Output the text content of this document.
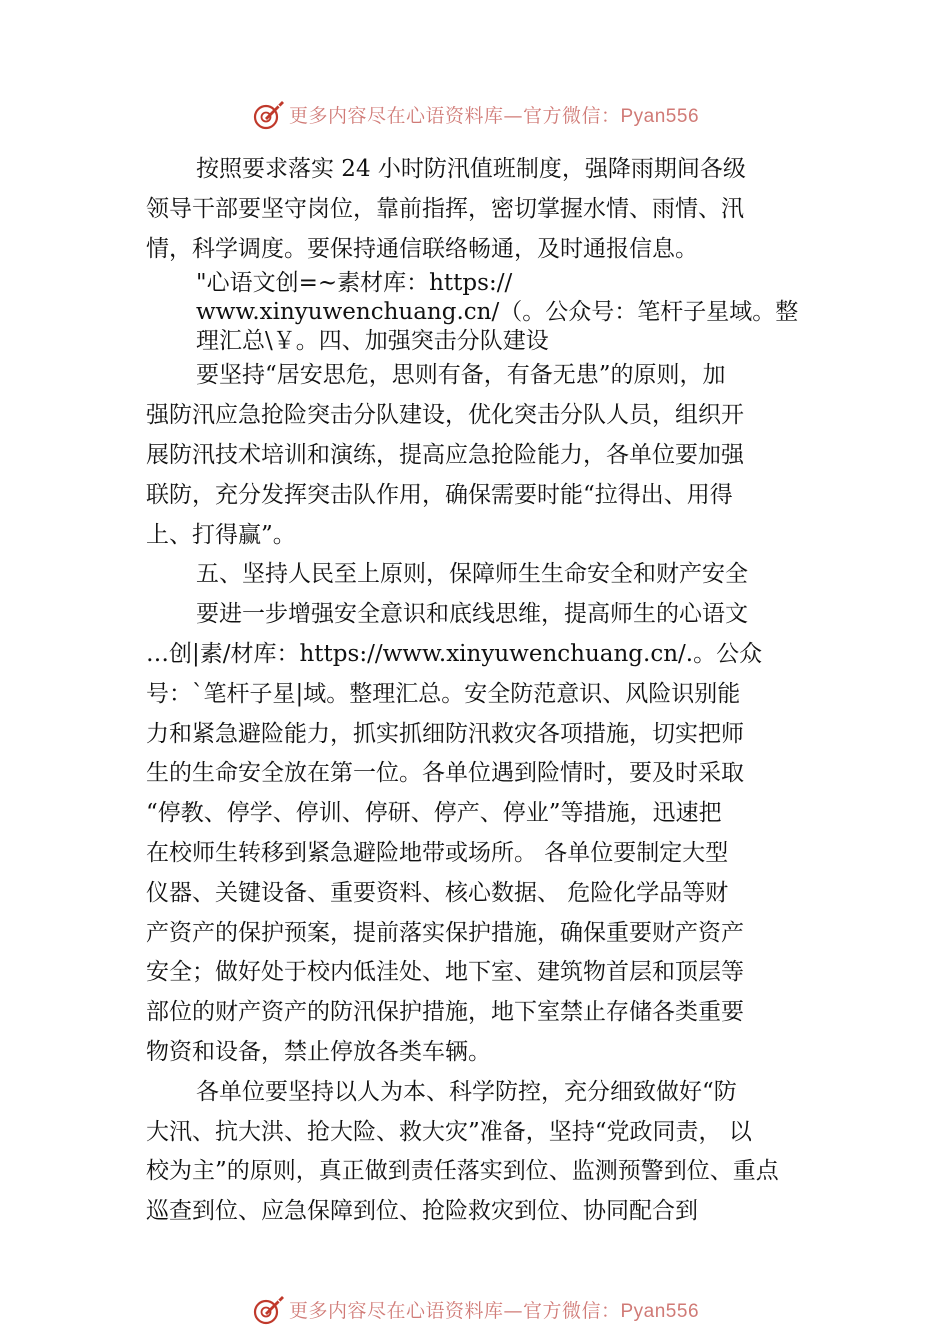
更多内容尽在心语资料库—官方微信：Pyan556

按照要求落实 24 小时防汛值班制度，强降雨期间各级

领导干部要坚守岗位，靠前指挥，密切掌握水情、雨情、汛

情，科学调度。要保持通信联络畅通，及时通报信息。

"心语文创=~素材库：https://

www.xinyuwenchuang.cn/（。公众号：笔杆子星域。整

理汇总\￥。四、加强突击分队建设

要坚持“居安思危，思则有备，有备无患”的原则，加

强防汛应急抢险突击分队建设，优化突击分队人员，组织开

展防汛技术培训和演练，提高应急抢险能力，各单位要加强

联防，充分发挥突击队作用，确保需要时能“拉得出、用得

上、打得赢”。

五、坚持人民至上原则，保障师生生命安全和财产安全

要进一步增强安全意识和底线思维，提高师生的心语文

…创|素/材库：https://www.xinyuwenchuang.cn/.。公众

号：`笔杆子星|域。整理汇总。安全防范意识、风险识别能

力和紧急避险能力，抓实抓细防汛救灾各项措施，切实把师

生的生命安全放在第一位。各单位遇到险情时，要及时采取

“停教、停学、停训、停研、停产、停业”等措施，迅速把

在校师生转移到紧急避险地带或场所。 各单位要制定大型

仪器、关键设备、重要资料、核心数据、 危险化学品等财

产资产的保护预案，提前落实保护措施，确保重要财产资产

安全；做好处于校内低洼处、地下室、建筑物首层和顶层等

部位的财产资产的防汛保护措施，地下室禁止存储各类重要

物资和设备，禁止停放各类车辆。

各单位要坚持以人为本、科学防控，充分细致做好“防

大汛、抗大洪、抢大险、救大灾”准备，坚持“党政同责， 以

校为主”的原则，真正做到责任落实到位、监测预警到位、重点

巡查到位、应急保障到位、抢险救灾到位、协同配合到

更多内容尽在心语资料库—官方微信：Pyan556
